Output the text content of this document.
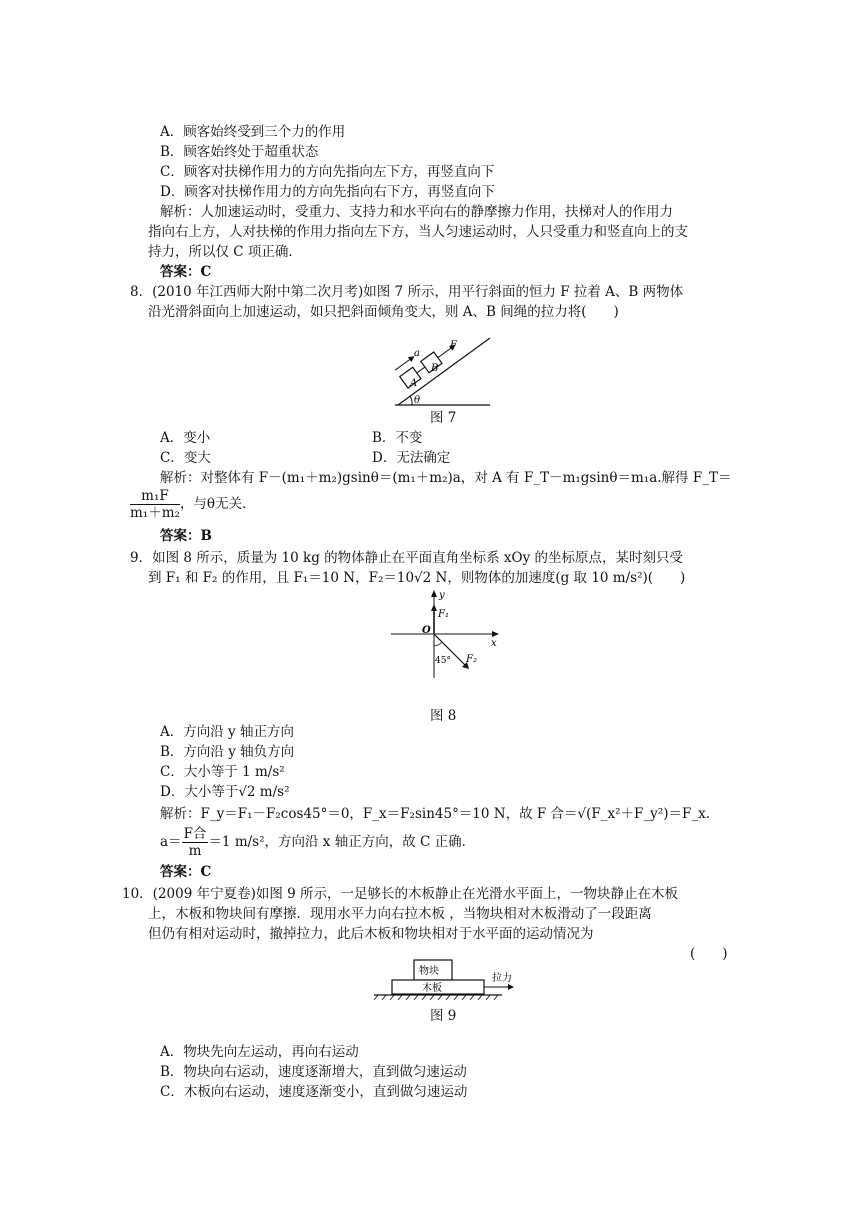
A．顾客始终受到三个力的作用
B．顾客始终处于超重状态
C．顾客对扶梯作用力的方向先指向左下方，再竖直向下
D．顾客对扶梯作用力的方向先指向右下方，再竖直向下
解析：人加速运动时，受重力、支持力和水平向右的静摩擦力作用，扶梯对人的作用力
指向右上方，人对扶梯的作用力指向左下方，当人匀速运动时，人只受重力和竖直向上的支
持力，所以仅 C 项正确．
答案：C
8．(2010 年江西师大附中第二次月考)如图 7 所示，用平行斜面的恒力 F 拉着 A、B 两物体
沿光滑斜面向上加速运动，如只把斜面倾角变大，则 A、B 间绳的拉力将(　　)
θ
A
B
a
F
图 7
A．变小	B．不变
C．变大	D．无法确定
解析：对整体有 F－(m₁＋m₂)gsinθ＝(m₁＋m₂)a，对 A 有 F_T－m₁gsinθ＝m₁a.解得 F_T＝
$\frac{\text{m₁F}}{\text{m₁＋m₂}}$ ，与θ无关．
答案：B
9．如图 8 所示，质量为 10 kg 的物体静止在平面直角坐标系 xOy 的坐标原点，某时刻只受
到 F₁ 和 F₂ 的作用，且 F₁＝10 N，F₂＝10√2 N，则物体的加速度(g 取 10 m/s²)(　　)
y
x
O
F₁
F₂
45°
图 8
A．方向沿 y 轴正方向
B．方向沿 y 轴负方向
C．大小等于 1 m/s²
D．大小等于√2 m/s²
解析：F_y＝F₁－F₂cos45°＝0，F_x＝F₂sin45°＝10 N，故 F 合＝√(F_x²＋F_y²)＝F_x.
$a= \frac{\text{F合}}{m} =1$ m/s²，方向沿 x 轴正方向，故 C 正确．
答案：C
10．(2009 年宁夏卷)如图 9 所示，一足够长的木板静止在光滑水平面上，一物块静止在木板
上，木板和物块间有摩擦．现用水平力向右拉木板 ，当物块相对木板滑动了一段距离
但仍有相对运动时，撤掉拉力，此后木板和物块相对于水平面的运动情况为
(　　)
物块
木板
拉力
图 9
A．物块先向左运动，再向右运动
B．物块向右运动，速度逐渐增大，直到做匀速运动
C．木板向右运动，速度逐渐变小，直到做匀速运动
